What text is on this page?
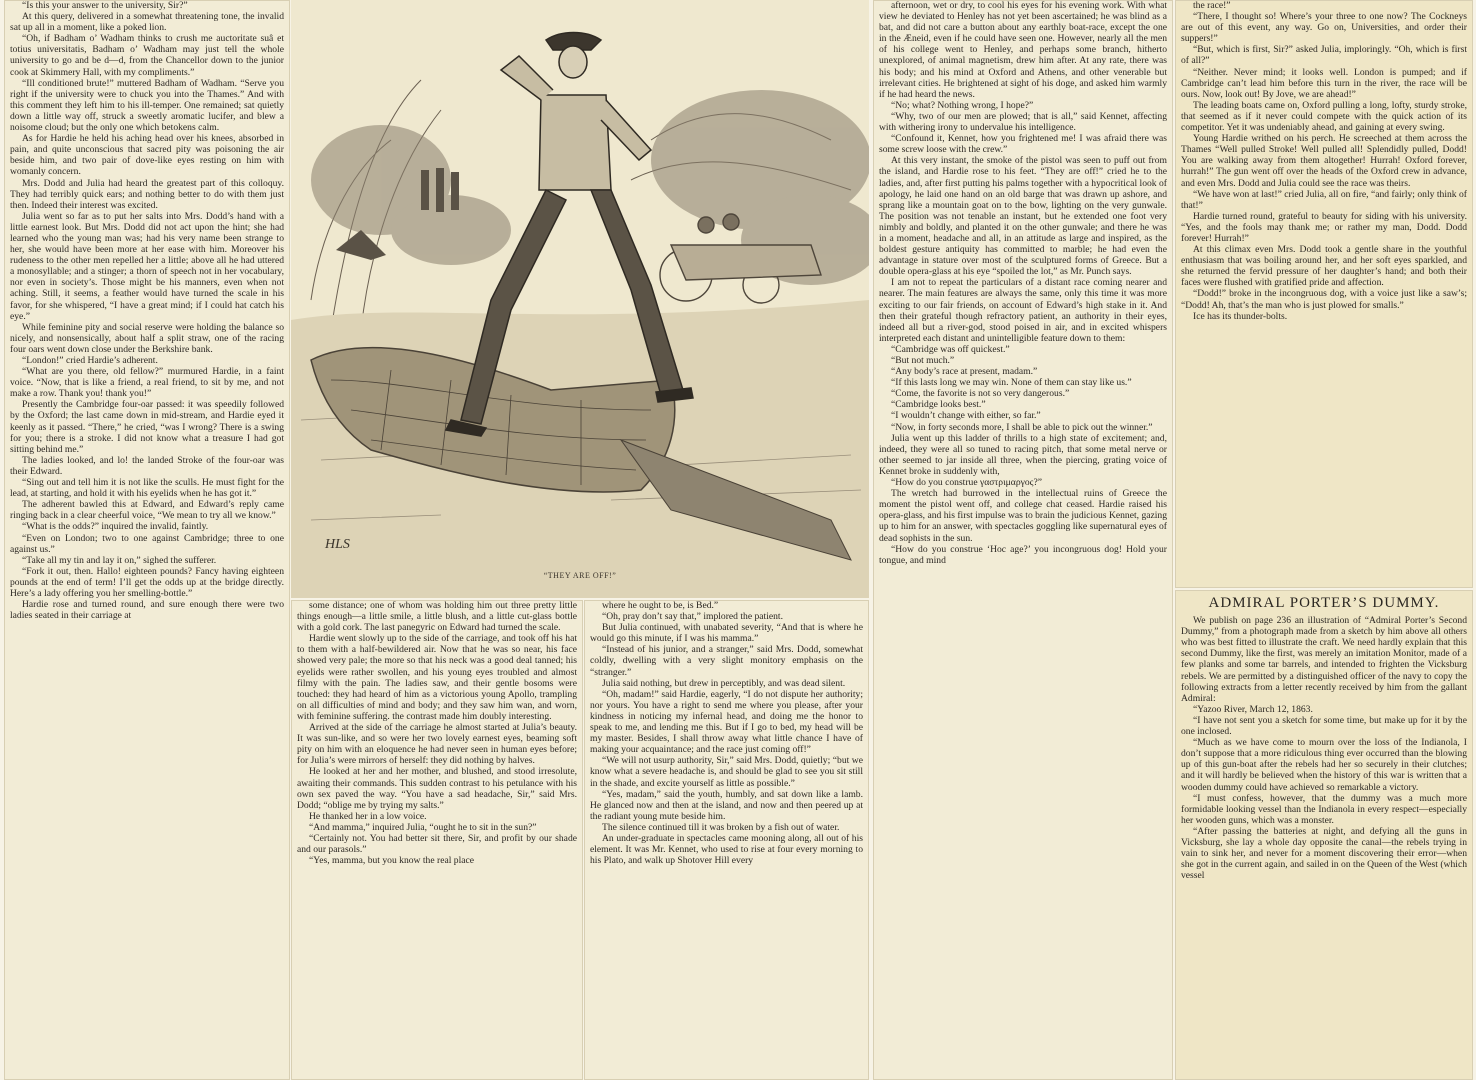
“Is this your answer to the university, Sir?”

At this query, delivered in a somewhat threatening tone, the invalid sat up all in a moment, like a poked lion.

“Oh, if Badham o’ Wadham thinks to crush me auctoritate suâ et totius universitatis, Badham o’ Wadham may just tell the whole university to go and be d—d, from the Chancellor down to the junior cook at Skimmery Hall, with my compliments.”

“Ill conditioned brute!” muttered Badham of Wadham. “Serve you right if the university were to chuck you into the Thames.” And with this comment they left him to his ill-temper. One remained; sat quietly down a little way off, struck a sweetly aromatic lucifer, and blew a noisome cloud; but the only one which betokens calm.

As for Hardie he held his aching head over his knees, absorbed in pain, and quite unconscious that sacred pity was poisoning the air beside him, and two pair of dove-like eyes resting on him with womanly concern.

Mrs. Dodd and Julia had heard the greatest part of this colloquy. They had terribly quick ears; and nothing better to do with them just then. Indeed their interest was excited.

Julia went so far as to put her salts into Mrs. Dodd’s hand with a little earnest look. But Mrs. Dodd did not act upon the hint; she had learned who the young man was; had his very name been strange to her, she would have been more at her ease with him. Moreover his rudeness to the other men repelled her a little; above all he had uttered a monosyllable; and a stinger; a thorn of speech not in her vocabulary, nor even in society’s. Those might be his manners, even when not aching. Still, it seems, a feather would have turned the scale in his favor, for she whispered, “I have a great mind; if I could hat catch his eye.”

While feminine pity and social reserve were holding the balance so nicely, and nonsensically, about half a split straw, one of the racing four oars went down close under the Berkshire bank.

“London!” cried Hardie’s adherent.

“What are you there, old fellow?” murmured Hardie, in a faint voice. “Now, that is like a friend, a real friend, to sit by me, and not make a row. Thank you! thank you!”

Presently the Cambridge four-oar passed: it was speedily followed by the Oxford; the last came down in mid-stream, and Hardie eyed it keenly as it passed. “There,” he cried, “was I wrong? There is a swing for you; there is a stroke. I did not know what a treasure I had got sitting behind me.”

The ladies looked, and lo! the landed Stroke of the four-oar was their Edward.

“Sing out and tell him it is not like the sculls. He must fight for the lead, at starting, and hold it with his eyelids when he has got it.”

The adherent bawled this at Edward, and Edward’s reply came ringing back in a clear cheerful voice, “We mean to try all we know.”

“What is the odds?” inquired the invalid, faintly.

“Even on London; two to one against Cambridge; three to one against us.”

“Take all my tin and lay it on,” sighed the sufferer.

“Fork it out, then. Hallo! eighteen pounds? Fancy having eighteen pounds at the end of term! I’ll get the odds up at the bridge directly. Here’s a lady offering you her smelling-bottle.”

Hardie rose and turned round, and sure enough there were two ladies seated in their carriage at

HLS
“THEY ARE OFF!”

some distance; one of whom was holding him out three pretty little things enough—a little smile, a little blush, and a little cut-glass bottle with a gold cork. The last panegyric on Edward had turned the scale.

Hardie went slowly up to the side of the carriage, and took off his hat to them with a half-bewildered air. Now that he was so near, his face showed very pale; the more so that his neck was a good deal tanned; his eyelids were rather swollen, and his young eyes troubled and almost filmy with the pain. The ladies saw, and their gentle bosoms were touched: they had heard of him as a victorious young Apollo, trampling on all difficulties of mind and body; and they saw him wan, and worn, with feminine suffering. the contrast made him doubly interesting.

Arrived at the side of the carriage he almost started at Julia’s beauty. It was sun-like, and so were her two lovely earnest eyes, beaming soft pity on him with an eloquence he had never seen in human eyes before; for Julia’s were mirrors of herself: they did nothing by halves.

He looked at her and her mother, and blushed, and stood irresolute, awaiting their commands. This sudden contrast to his petulance with his own sex paved the way. “You have a sad headache, Sir,” said Mrs. Dodd; “oblige me by trying my salts.”

He thanked her in a low voice.

“And mamma,” inquired Julia, “ought he to sit in the sun?”

“Certainly not. You had better sit there, Sir, and profit by our shade and our parasols.”

“Yes, mamma, but you know the real place

where he ought to be, is Bed.”

“Oh, pray don’t say that,” implored the patient.

But Julia continued, with unabated severity, “And that is where he would go this minute, if I was his mamma.”

“Instead of his junior, and a stranger,” said Mrs. Dodd, somewhat coldly, dwelling with a very slight monitory emphasis on the “stranger.”

Julia said nothing, but drew in perceptibly, and was dead silent.

“Oh, madam!” said Hardie, eagerly, “I do not dispute her authority; nor yours. You have a right to send me where you please, after your kindness in noticing my infernal head, and doing me the honor to speak to me, and lending me this. But if I go to bed, my head will be my master. Besides, I shall throw away what little chance I have of making your acquaintance; and the race just coming off!”

“We will not usurp authority, Sir,” said Mrs. Dodd, quietly; “but we know what a severe headache is, and should be glad to see you sit still in the shade, and excite yourself as little as possible.”

“Yes, madam,” said the youth, humbly, and sat down like a lamb. He glanced now and then at the island, and now and then peered up at the radiant young mute beside him.

The silence continued till it was broken by a fish out of water.

An under-graduate in spectacles came mooning along, all out of his element. It was Mr. Kennet, who used to rise at four every morning to his Plato, and walk up Shotover Hill every

afternoon, wet or dry, to cool his eyes for his evening work. With what view he deviated to Henley has not yet been ascertained; he was blind as a bat, and did not care a button about any earthly boat-race, except the one in the Æneid, even if he could have seen one. However, nearly all the men of his college went to Henley, and perhaps some branch, hitherto unexplored, of animal magnetism, drew him after. At any rate, there was his body; and his mind at Oxford and Athens, and other venerable but irrelevant cities. He brightened at sight of his doge, and asked him warmly if he had heard the news.

“No; what? Nothing wrong, I hope?”

“Why, two of our men are plowed; that is all,” said Kennet, affecting with withering irony to undervalue his intelligence.

“Confound it, Kennet, how you frightened me! I was afraid there was some screw loose with the crew.”

At this very instant, the smoke of the pistol was seen to puff out from the island, and Hardie rose to his feet. “They are off!” cried he to the ladies, and, after first putting his palms together with a hypocritical look of apology, he laid one hand on an old barge that was drawn up ashore, and sprang like a mountain goat on to the bow, lighting on the very gunwale. The position was not tenable an instant, but he extended one foot very nimbly and boldly, and planted it on the other gunwale; and there he was in a moment, headache and all, in an attitude as large and inspired, as the boldest gesture antiquity has committed to marble; he had even the advantage in stature over most of the sculptured forms of Greece. But a double opera-glass at his eye “spoiled the lot,” as Mr. Punch says.

I am not to repeat the particulars of a distant race coming nearer and nearer. The main features are always the same, only this time it was more exciting to our fair friends, on account of Edward’s high stake in it. And then their grateful though refractory patient, an authority in their eyes, indeed all but a river-god, stood poised in air, and in excited whispers interpreted each distant and unintelligible feature down to them:

“Cambridge was off quickest.”

“But not much.”

“Any body’s race at present, madam.”

“If this lasts long we may win. None of them can stay like us.”

“Come, the favorite is not so very dangerous.”

“Cambridge looks best.”

“I wouldn’t change with either, so far.”

“Now, in forty seconds more, I shall be able to pick out the winner.”

Julia went up this ladder of thrills to a high state of excitement; and, indeed, they were all so tuned to racing pitch, that some metal nerve or other seemed to jar inside all three, when the piercing, grating voice of Kennet broke in suddenly with,

“How do you construe γαστριμαργος?”

The wretch had burrowed in the intellectual ruins of Greece the moment the pistol went off, and college chat ceased. Hardie raised his opera-glass, and his first impulse was to brain the judicious Kennet, gazing up to him for an answer, with spectacles goggling like supernatural eyes of dead sophists in the sun.

“How do you construe ‘Hoc age?’ you incongruous dog! Hold your tongue, and mind

the race!”

“There, I thought so! Where’s your three to one now? The Cockneys are out of this event, any way. Go on, Universities, and order their suppers!”

“But, which is first, Sir?” asked Julia, imploringly. “Oh, which is first of all?”

“Neither. Never mind; it looks well. London is pumped; and if Cambridge can’t lead him before this turn in the river, the race will be ours. Now, look out! By Jove, we are ahead!”

The leading boats came on, Oxford pulling a long, lofty, sturdy stroke, that seemed as if it never could compete with the quick action of its competitor. Yet it was undeniably ahead, and gaining at every swing.

Young Hardie writhed on his perch. He screeched at them across the Thames “Well pulled Stroke! Well pulled all! Splendidly pulled, Dodd! You are walking away from them altogether! Hurrah! Oxford forever, hurrah!” The gun went off over the heads of the Oxford crew in advance, and even Mrs. Dodd and Julia could see the race was theirs.

“We have won at last!” cried Julia, all on fire, “and fairly; only think of that!”

Hardie turned round, grateful to beauty for siding with his university. “Yes, and the fools may thank me; or rather my man, Dodd. Dodd forever! Hurrah!”

At this climax even Mrs. Dodd took a gentle share in the youthful enthusiasm that was boiling around her, and her soft eyes sparkled, and she returned the fervid pressure of her daughter’s hand; and both their faces were flushed with gratified pride and affection.

“Dodd!” broke in the incongruous dog, with a voice just like a saw’s; “Dodd! Ah, that’s the man who is just plowed for smalls.”

Ice has its thunder-bolts.

ADMIRAL PORTER’S DUMMY.

We publish on page 236 an illustration of “Admiral Porter’s Second Dummy,” from a photograph made from a sketch by him above all others who was best fitted to illustrate the craft. We need hardly explain that this second Dummy, like the first, was merely an imitation Monitor, made of a few planks and some tar barrels, and intended to frighten the Vicksburg rebels. We are permitted by a distinguished officer of the navy to copy the following extracts from a letter recently received by him from the gallant Admiral:

“Yazoo River, March 12, 1863.

“I have not sent you a sketch for some time, but make up for it by the one inclosed.

“Much as we have come to mourn over the loss of the Indianola, I don’t suppose that a more ridiculous thing ever occurred than the blowing up of this gun-boat after the rebels had her so securely in their clutches; and it will hardly be believed when the history of this war is written that a wooden dummy could have achieved so remarkable a victory.

“I must confess, however, that the dummy was a much more formidable looking vessel than the Indianola in every respect—especially her wooden guns, which was a monster.

“After passing the batteries at night, and defying all the guns in Vicksburg, she lay a whole day opposite the canal—the rebels trying in vain to sink her, and never for a moment discovering their error—when she got in the current again, and sailed in on the Queen of the West (which vessel
